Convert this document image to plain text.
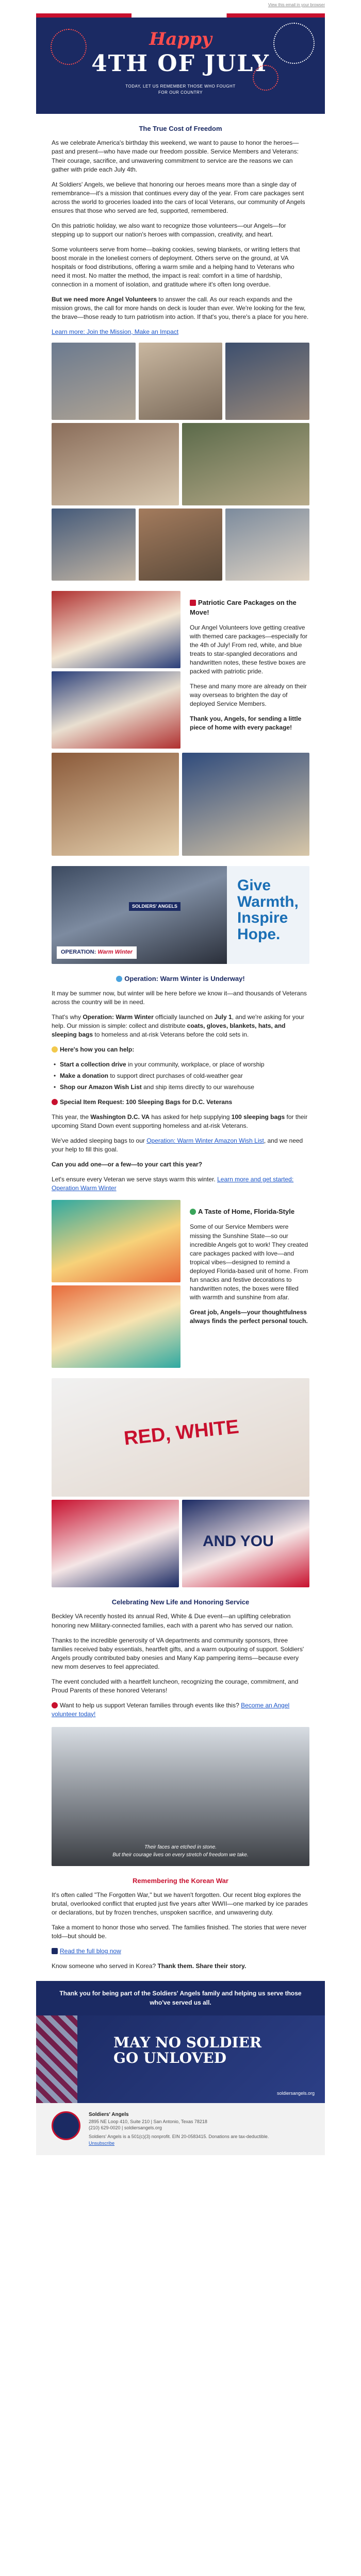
View this email in your browser
Happy
4TH OF JULY
TODAY, LET US REMEMBER THOSE WHO FOUGHT
FOR OUR COUNTRY
The True Cost of Freedom

As we celebrate America's birthday this weekend, we want to pause to honor the heroes—past and present—who have made our freedom possible. Service Members and Veterans: Their courage, sacrifice, and unwavering commitment to service are the reasons we can gather with pride each July 4th.

At Soldiers' Angels, we believe that honoring our heroes means more than a single day of remembrance—it's a mission that continues every day of the year. From care packages sent across the world to groceries loaded into the cars of local Veterans, our community of Angels ensures that those who served are fed, supported, remembered.

On this patriotic holiday, we also want to recognize those volunteers—our Angels—for stepping up to support our nation's heroes with compassion, creativity, and heart.

Some volunteers serve from home—baking cookies, sewing blankets, or writing letters that boost morale in the loneliest corners of deployment. Others serve on the ground, at VA hospitals or food distributions, offering a warm smile and a helping hand to Veterans who need it most. No matter the method, the impact is real: comfort in a time of hardship, connection in a moment of isolation, and gratitude where it's often long overdue.

But we need more Angel Volunteers to answer the call. As our reach expands and the mission grows, the call for more hands on deck is louder than ever. We're looking for the few, the brave—those ready to turn patriotism into action. If that's you, there's a place for you here.

Learn more: Join the Mission, Make an Impact

Patriotic Care Packages on the Move!

Our Angel Volunteers love getting creative with themed care packages—especially for the 4th of July! From red, white, and blue treats to star-spangled decorations and handwritten notes, these festive boxes are packed with patriotic pride.

These and many more are already on their way overseas to brighten the day of deployed Service Members.

Thank you, Angels, for sending a little piece of home with every package!

OPERATION: Warm Winter
SOLDIERS' ANGELS
Give
Warmth,
Inspire
Hope.
Operation: Warm Winter is Underway!

It may be summer now, but winter will be here before we know it—and thousands of Veterans across the country will be in need.

That's why Operation: Warm Winter officially launched on July 1, and we're asking for your help. Our mission is simple: collect and distribute coats, gloves, blankets, hats, and sleeping bags to homeless and at-risk Veterans before the cold sets in.

Here's how you can help:

• Start a collection drive in your community, workplace, or place of worship
• Make a donation to support direct purchases of cold-weather gear
• Shop our Amazon Wish List and ship items directly to our warehouse

Special Item Request: 100 Sleeping Bags for D.C. Veterans

This year, the Washington D.C. VA has asked for help supplying 100 sleeping bags for their upcoming Stand Down event supporting homeless and at-risk Veterans.

We've added sleeping bags to our Operation: Warm Winter Amazon Wish List, and we need your help to fill this goal.

Can you add one—or a few—to your cart this year?

Let's ensure every Veteran we serve stays warm this winter. Learn more and get started: Operation Warm Winter

A Taste of Home, Florida-Style

Some of our Service Members were missing the Sunshine State—so our incredible Angels got to work! They created care packages packed with love—and tropical vibes—designed to remind a deployed Florida-based unit of home. From fun snacks and festive decorations to handwritten notes, the boxes were filled with warmth and sunshine from afar.

Great job, Angels—your thoughtfulness always finds the perfect personal touch.

RED, WHITE
AND YOU
Celebrating New Life and Honoring Service

Beckley VA recently hosted its annual Red, White & Due event—an uplifting celebration honoring new Military-connected families, each with a parent who has served our nation.

Thanks to the incredible generosity of VA departments and community sponsors, three families received baby essentials, heartfelt gifts, and a warm outpouring of support. Soldiers' Angels proudly contributed baby onesies and Many Kap pampering items—because every new mom deserves to feel appreciated.

The event concluded with a heartfelt luncheon, recognizing the courage, commitment, and Proud Parents of these honored Veterans!

Want to help us support Veteran families through events like this? Become an Angel volunteer today!

Their faces are etched in stone.
But their courage lives on every stretch of freedom we take.
Remembering the Korean War

It's often called "The Forgotten War," but we haven't forgotten. Our recent blog explores the brutal, overlooked conflict that erupted just five years after WWII—one marked by ice parades or declarations, but by frozen trenches, unspoken sacrifice, and unwavering duty.

Take a moment to honor those who served. The families finished. The stories that were never told—but should be.

Read the full blog now

Know someone who served in Korea? Thank them. Share their story.

Thank you for being part of the Soldiers' Angels family and helping us serve those who've served us all.
MAY NO SOLDIER
GO UNLOVED
soldiersangels.org
Soldiers' Angels
2895 NE Loop 410, Suite 210 | San Antonio, Texas 78218
(210) 629-0020 | soldiersangels.org
Soldiers' Angels is a 501(c)(3) nonprofit. EIN 20-0583415. Donations are tax-deductible.
Unsubscribe
